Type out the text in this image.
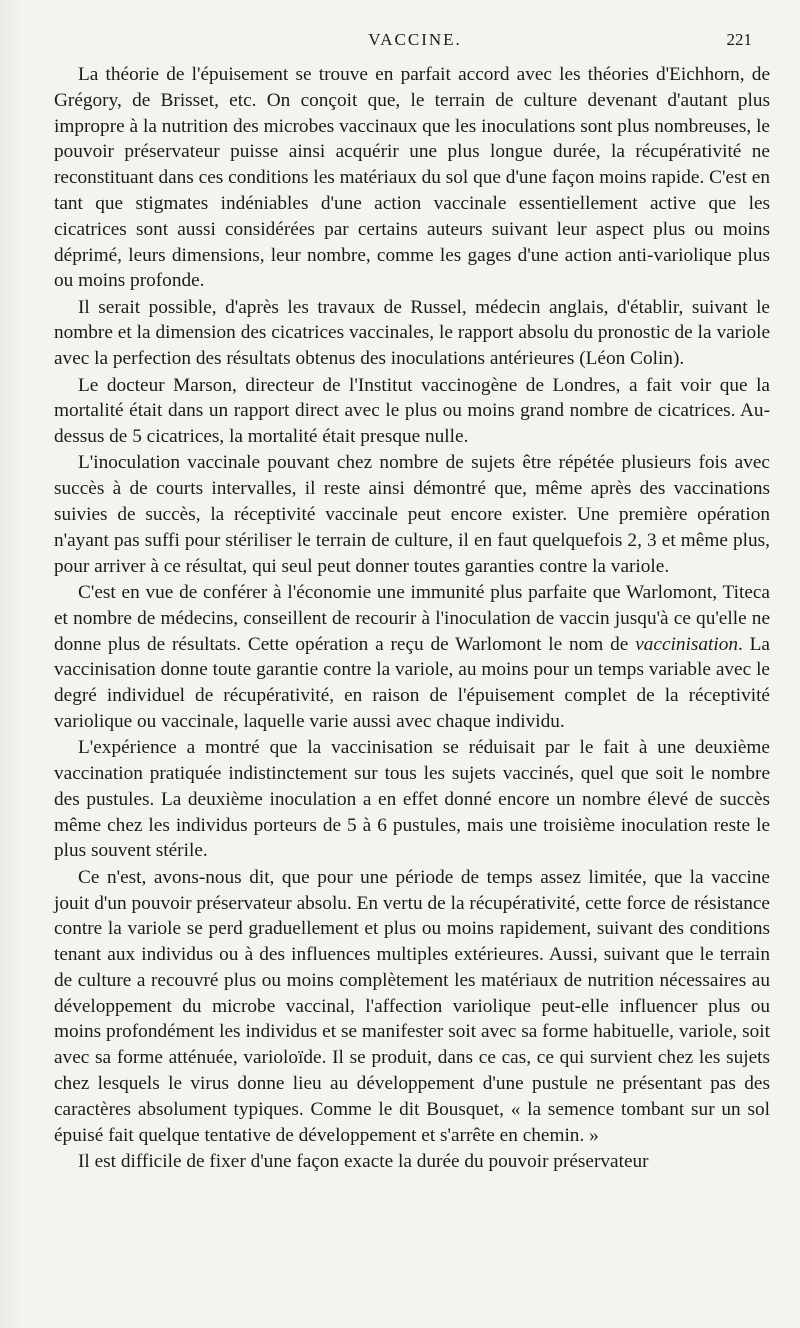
VACCINE.	221

La théorie de l'épuisement se trouve en parfait accord avec les théories d'Eichhorn, de Grégory, de Brisset, etc. On conçoit que, le terrain de culture devenant d'autant plus impropre à la nutrition des microbes vaccinaux que les inoculations sont plus nombreuses, le pouvoir préservateur puisse ainsi acquérir une plus longue durée, la récupérativité ne reconstituant dans ces conditions les matériaux du sol que d'une façon moins rapide. C'est en tant que stigmates indéniables d'une action vaccinale essentiellement active que les cicatrices sont aussi considérées par certains auteurs suivant leur aspect plus ou moins déprimé, leurs dimensions, leur nombre, comme les gages d'une action anti-variolique plus ou moins profonde.

Il serait possible, d'après les travaux de Russel, médecin anglais, d'établir, suivant le nombre et la dimension des cicatrices vaccinales, le rapport absolu du pronostic de la variole avec la perfection des résultats obtenus des inoculations antérieures (Léon Colin).

Le docteur Marson, directeur de l'Institut vaccinogène de Londres, a fait voir que la mortalité était dans un rapport direct avec le plus ou moins grand nombre de cicatrices. Au-dessus de 5 cicatrices, la mortalité était presque nulle.

L'inoculation vaccinale pouvant chez nombre de sujets être répétée plusieurs fois avec succès à de courts intervalles, il reste ainsi démontré que, même après des vaccinations suivies de succès, la réceptivité vaccinale peut encore exister. Une première opération n'ayant pas suffi pour stériliser le terrain de culture, il en faut quelquefois 2, 3 et même plus, pour arriver à ce résultat, qui seul peut donner toutes garanties contre la variole.

C'est en vue de conférer à l'économie une immunité plus parfaite que Warlomont, Titeca et nombre de médecins, conseillent de recourir à l'inoculation de vaccin jusqu'à ce qu'elle ne donne plus de résultats. Cette opération a reçu de Warlomont le nom de vaccinisation. La vaccinisation donne toute garantie contre la variole, au moins pour un temps variable avec le degré individuel de récupérativité, en raison de l'épuisement complet de la réceptivité variolique ou vaccinale, laquelle varie aussi avec chaque individu.

L'expérience a montré que la vaccinisation se réduisait par le fait à une deuxième vaccination pratiquée indistinctement sur tous les sujets vaccinés, quel que soit le nombre des pustules. La deuxième inoculation a en effet donné encore un nombre élevé de succès même chez les individus porteurs de 5 à 6 pustules, mais une troisième inoculation reste le plus souvent stérile.

Ce n'est, avons-nous dit, que pour une période de temps assez limitée, que la vaccine jouit d'un pouvoir préservateur absolu. En vertu de la récupérativité, cette force de résistance contre la variole se perd graduellement et plus ou moins rapidement, suivant des conditions tenant aux individus ou à des influences multiples extérieures. Aussi, suivant que le terrain de culture a recouvré plus ou moins complètement les matériaux de nutrition nécessaires au développement du microbe vaccinal, l'affection variolique peut-elle influencer plus ou moins profondément les individus et se manifester soit avec sa forme habituelle, variole, soit avec sa forme atténuée, varioloïde. Il se produit, dans ce cas, ce qui survient chez les sujets chez lesquels le virus donne lieu au développement d'une pustule ne présentant pas des caractères absolument typiques. Comme le dit Bousquet, « la semence tombant sur un sol épuisé fait quelque tentative de développement et s'arrête en chemin. »

Il est difficile de fixer d'une façon exacte la durée du pouvoir préservateur
